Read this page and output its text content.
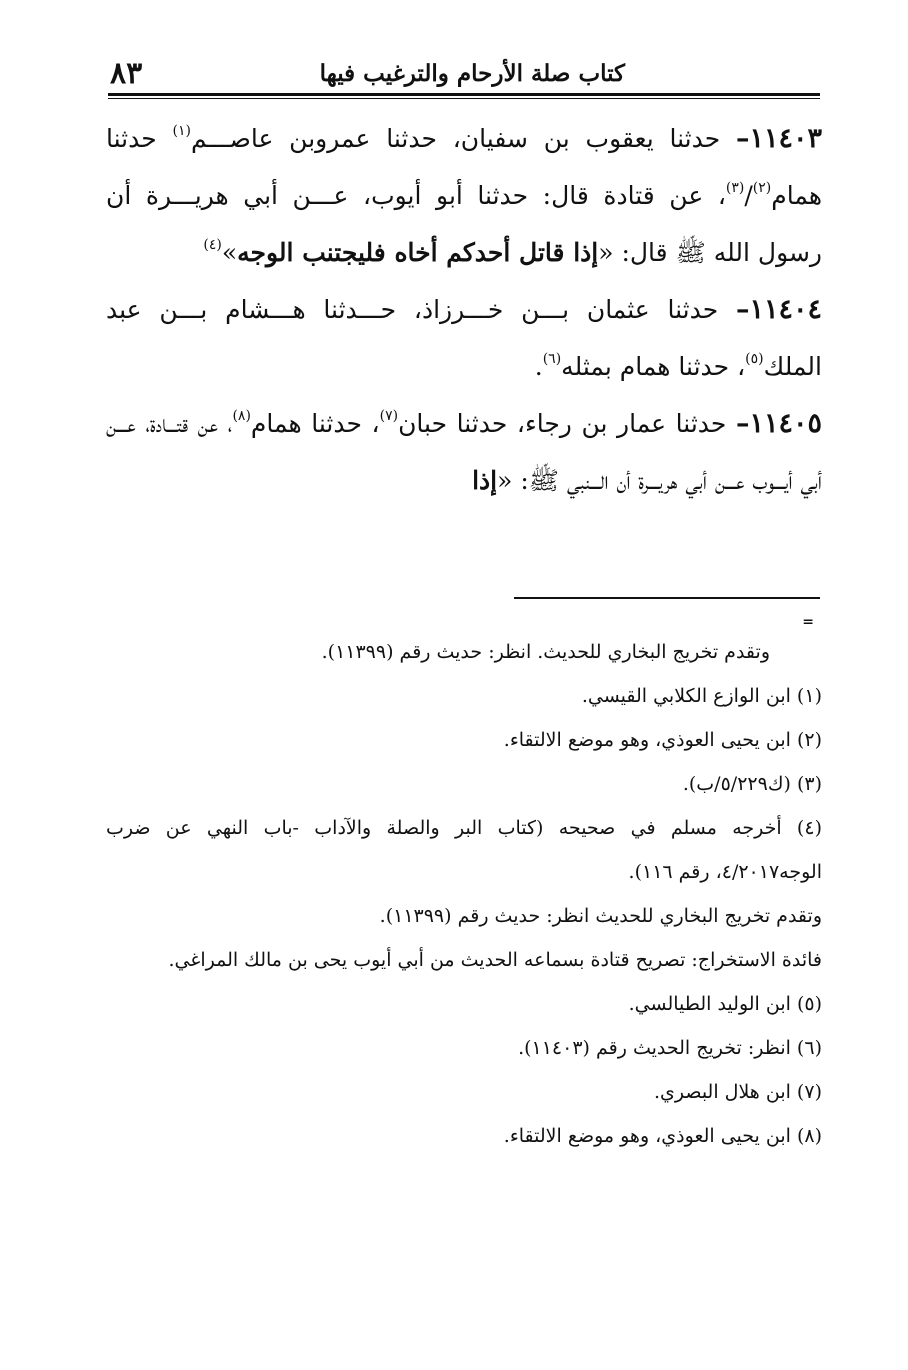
كتاب صلة الأرحام والترغيب فيها
٨٣

١١٤٠٣– حدثنا يعقوب بن سفيان، حدثنا عمروبن عاصـــم$^{(١)}$ حدثنا همام$^{(٢)}$/$^{(٣)}$، عن قتادة قال: حدثنا أبو أيوب، عـــن أبي هريـــرة أن رسول الله ﷺ قال: «إذا قاتل أحدكم أخاه فليجتنب الوجه»$^{(٤)}$

١١٤٠٤– حدثنا عثمان بـــن خـــرزاذ، حـــدثنا هـــشام بـــن عبد الملك$^{(٥)}$، حدثنا همام بمثله$^{(٦)}$.

١١٤٠٥– حدثنا عمار بن رجاء، حدثنا حبان$^{(٧)}$، حدثنا همام$^{(٨)}$، عن قتـــادة، عـــن أبي أيـــوب عـــن أبي هريـــرة أن الـــنبي ﷺ: «إذا

=

وتقدم تخريج البخاري للحديث. انظر: حديث رقم (١١٣٩٩).

(١) ابن الوازع الكلابي القيسي.

(٢) ابن يحيى العوذي، وهو موضع الالتقاء.

(٣) (ك٥/٢٢٩/ب).

(٤) أخرجه مسلم في صحيحه (كتاب البر والصلة والآداب -باب النهي عن ضرب الوجه٤/٢٠١٧، رقم ١١٦).

وتقدم تخريج البخاري للحديث انظر: حديث رقم (١١٣٩٩).

فائدة الاستخراج: تصريح قتادة بسماعه الحديث من أبي أيوب يحى بن مالك المراغي.

(٥) ابن الوليد الطيالسي.

(٦) انظر: تخريج الحديث رقم (١١٤٠٣).

(٧) ابن هلال البصري.

(٨) ابن يحيى العوذي، وهو موضع الالتقاء.
